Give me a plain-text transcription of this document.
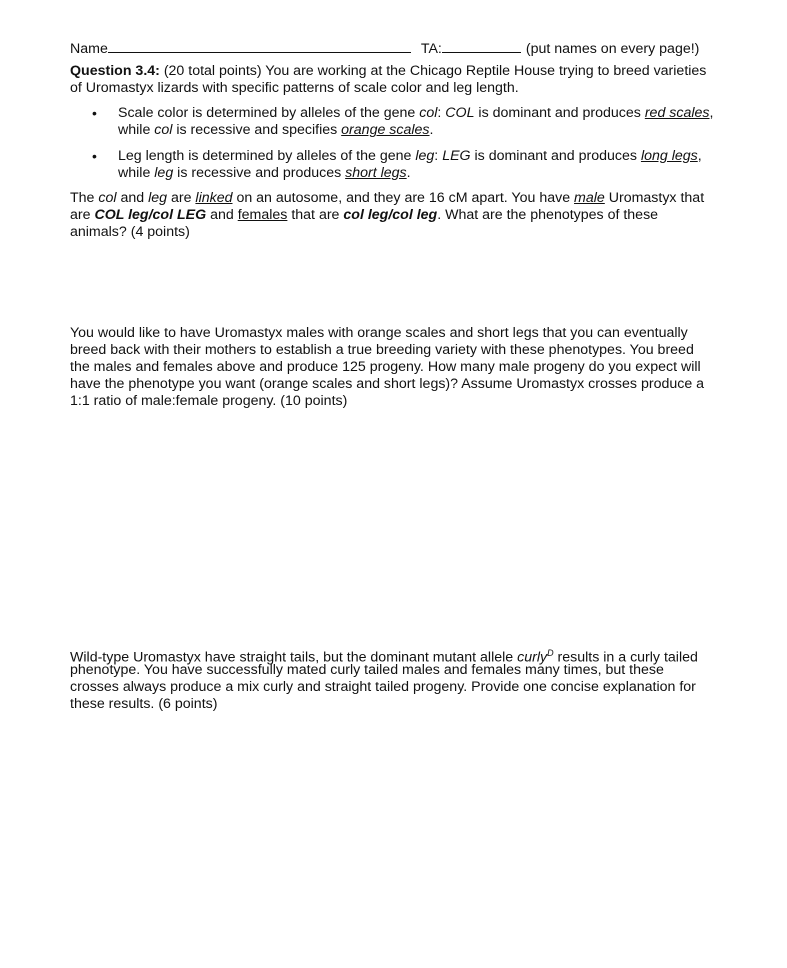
Name	TA:	(put names on every page!)
Question 3.4: (20 total points) You are working at the Chicago Reptile House trying to breed varieties
of Uromastyx lizards with specific patterns of scale color and leg length.
• Scale color is determined by alleles of the gene col: COL is dominant and produces red scales,
while col is recessive and specifies orange scales.
• Leg length is determined by alleles of the gene leg: LEG is dominant and produces long legs,
while leg is recessive and produces short legs.
The col and leg are linked on an autosome, and they are 16 cM apart. You have male Uromastyx that
are COL leg/col LEG and females that are col leg/col leg. What are the phenotypes of these
animals? (4 points)
You would like to have Uromastyx males with orange scales and short legs that you can eventually
breed back with their mothers to establish a true breeding variety with these phenotypes. You breed
the males and females above and produce 125 progeny. How many male progeny do you expect will
have the phenotype you want (orange scales and short legs)? Assume Uromastyx crosses produce a
1:1 ratio of male:female progeny. (10 points)
Wild-type Uromastyx have straight tails, but the dominant mutant allele curly$^D$ results in a curly tailed
phenotype. You have successfully mated curly tailed males and females many times, but these
crosses always produce a mix curly and straight tailed progeny. Provide one concise explanation for
these results. (6 points)
